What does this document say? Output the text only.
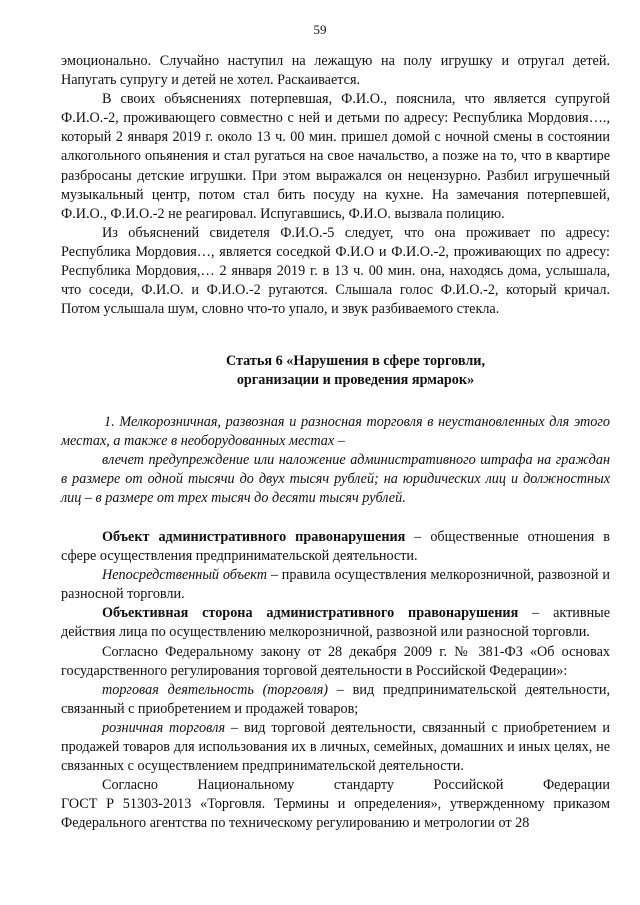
59

эмоционально. Случайно наступил на лежащую на полу игрушку и отругал детей. Напугать супругу и детей не хотел. Раскаивается.

В своих объяснениях потерпевшая, Ф.И.О., пояснила, что является супругой Ф.И.О.-2, проживающего совместно с ней и детьми по адресу: Республика Мордовия…., который 2 января 2019 г. около 13 ч. 00 мин. пришел домой с ночной смены в состоянии алкогольного опьянения и стал ругаться на свое начальство, а позже на то, что в квартире разбросаны детские игрушки. При этом выражался он нецензурно. Разбил игрушечный музыкальный центр, потом стал бить посуду на кухне. На замечания потерпевшей, Ф.И.О., Ф.И.О.-2 не реагировал. Испугавшись, Ф.И.О. вызвала полицию.

Из объяснений свидетеля Ф.И.О.-5 следует, что она проживает по адресу: Республика Мордовия…, является соседкой Ф.И.О и Ф.И.О.-2, проживающих по адресу: Республика Мордовия,… 2 января 2019 г. в 13 ч. 00 мин. она, находясь дома, услышала, что соседи, Ф.И.О. и Ф.И.О.-2 ругаются. Слышала голос Ф.И.О.-2, который кричал. Потом услышала шум, словно что-то упало, и звук разбиваемого стекла.

Статья 6 «Нарушения в сфере торговли,
организации и проведения ярмарок»

1. Мелкорозничная, развозная и разносная торговля в неустановленных для этого местах, а также в необорудованных местах –

влечет предупреждение или наложение административного штрафа на граждан в размере от одной тысячи до двух тысяч рублей; на юридических лиц и должностных лиц – в размере от трех тысяч до десяти тысяч рублей.

Объект административного правонарушения – общественные отношения в сфере осуществления предпринимательской деятельности.

Непосредственный объект – правила осуществления мелкорозничной, развозной и разносной торговли.

Объективная сторона административного правонарушения – активные действия лица по осуществлению мелкорозничной, развозной или разносной торговли.

Согласно Федеральному закону от 28 декабря 2009 г. № 381-ФЗ «Об основах государственного регулирования торговой деятельности в Российской Федерации»:

торговая деятельность (торговля) – вид предпринимательской деятельности, связанный с приобретением и продажей товаров;

розничная торговля – вид торговой деятельности, связанный с приобретением и продажей товаров для использования их в личных, семейных, домашних и иных целях, не связанных с осуществлением предпринимательской деятельности.

Согласно	Национальному	стандарту	Российской	Федерации

ГОСТ Р 51303-2013 «Торговля. Термины и определения», утвержденному приказом Федерального агентства по техническому регулированию и метрологии от 28
